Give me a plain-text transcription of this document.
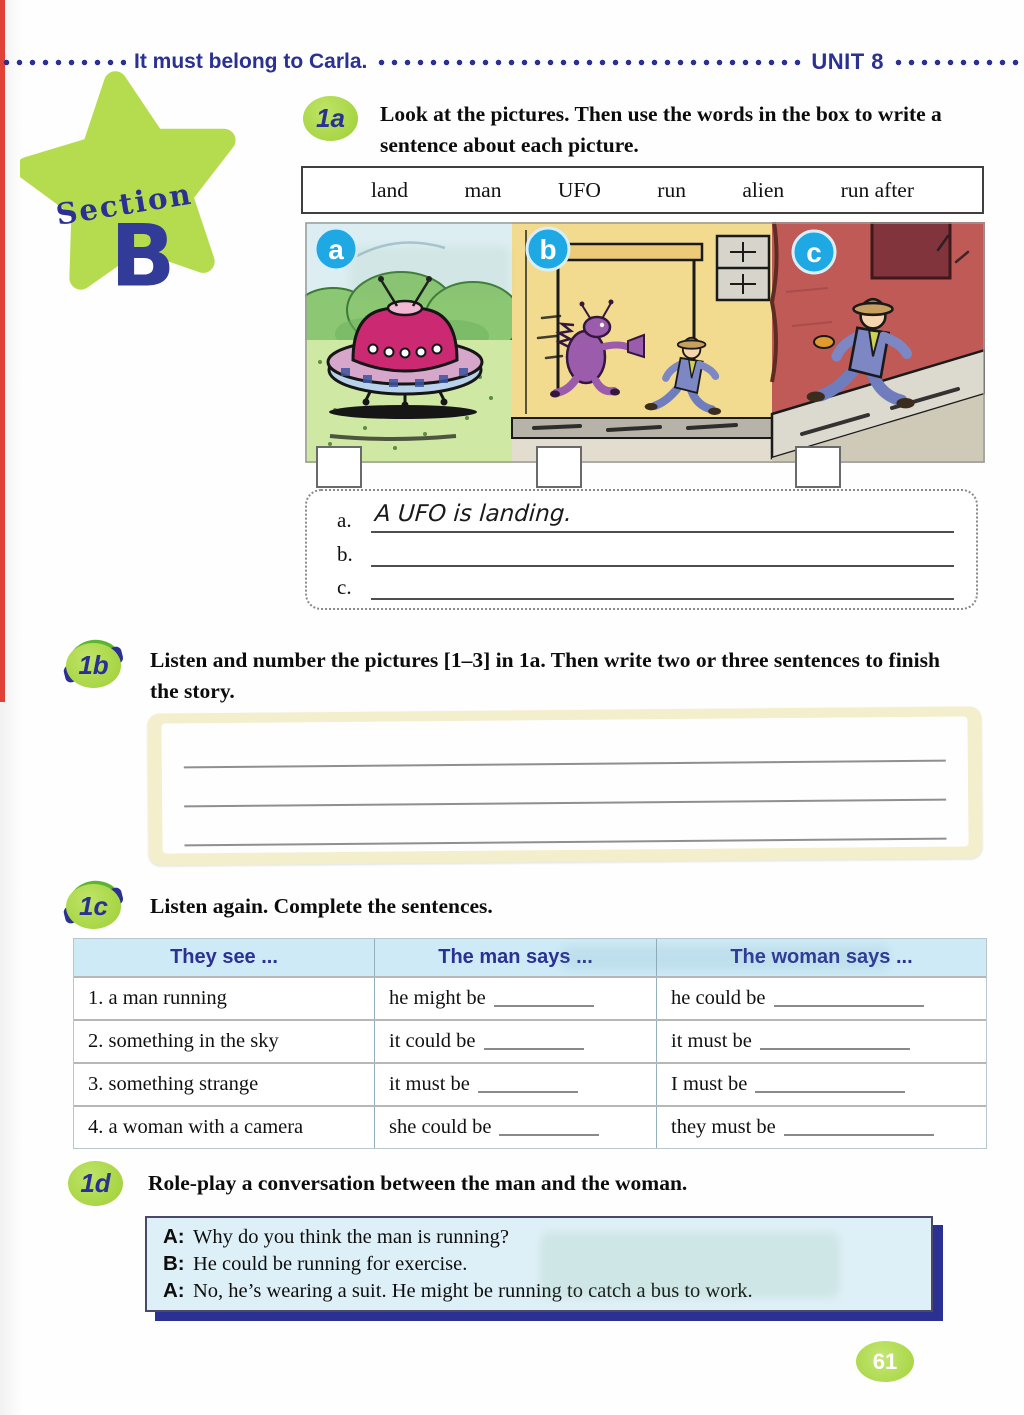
It must belong to Carla.	UNIT 8
Section
B
1a	Look at the pictures. Then use the words in the box to write a sentence about each picture.
land	man	UFO	run	alien	run after
a	b	c
a. A UFO is landing.
b.
c.
1b	Listen and number the pictures [1–3] in 1a. Then write two or three sentences to finish the story.
1c	Listen again. Complete the sentences.
They see ...	The man says ...	The woman says ...
1. a man running	he might be	he could be
2. something in the sky	it could be	it must be
3. something strange	it must be	I must be
4. a woman with a camera	she could be	they must be
1d	Role-play a conversation between the man and the woman.
A: Why do you think the man is running?
B: He could be running for exercise.
A: No, he’s wearing a suit. He might be running to catch a bus to work.
61
